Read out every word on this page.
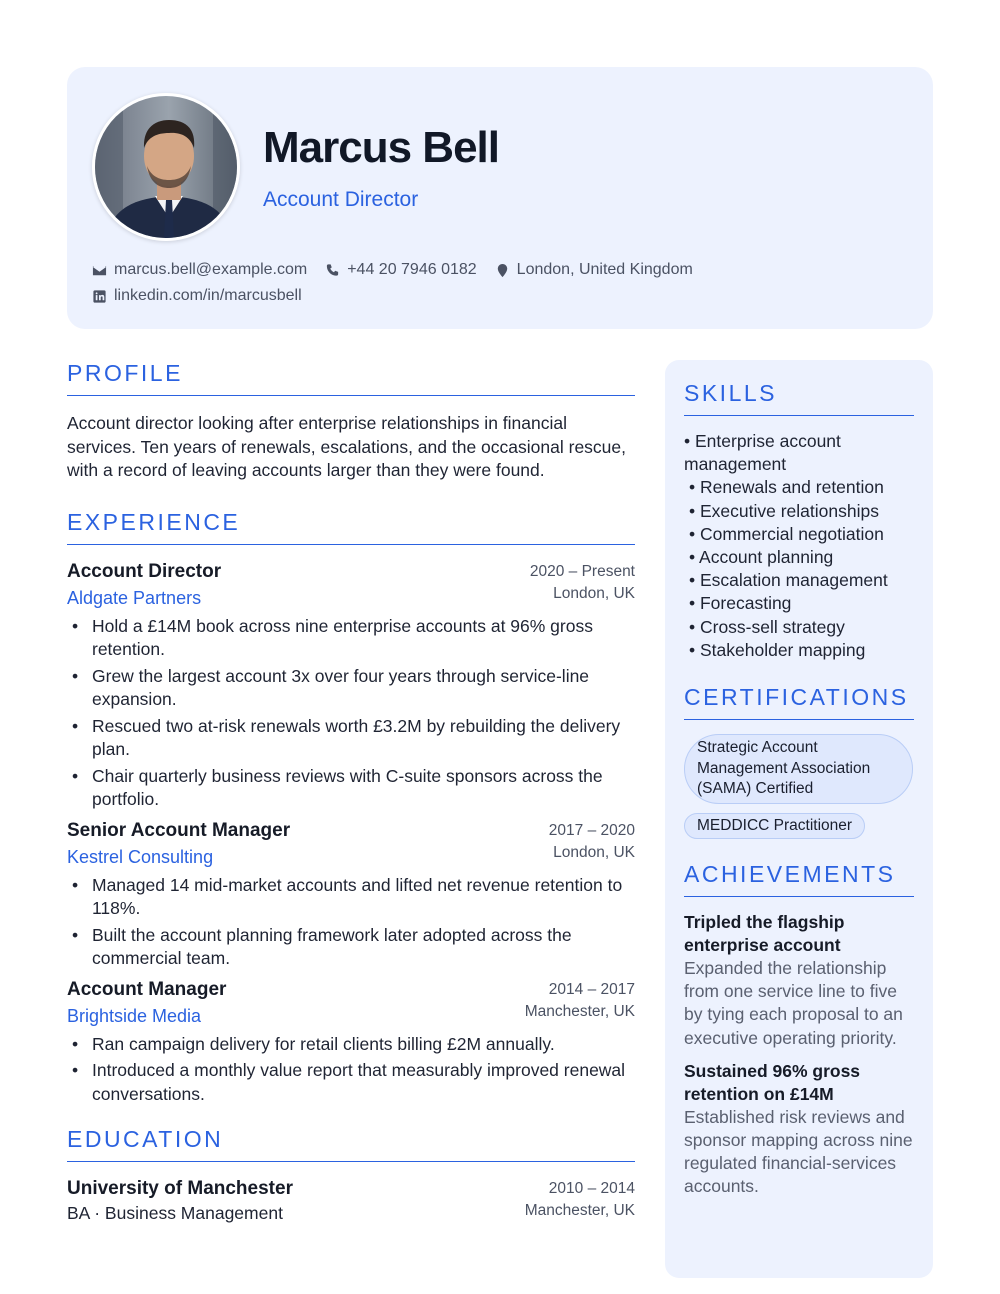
Marcus Bell
Account Director
marcus.bell@example.com	+44 20 7946 0182	London, United Kingdom
linkedin.com/in/marcusbell
PROFILE

Account director looking after enterprise relationships in financial services. Ten years of renewals, escalations, and the occasional rescue, with a record of leaving accounts larger than they were found.

EXPERIENCE
Account Director
Aldgate Partners
2020 – Present
London, UK
• Hold a £14M book across nine enterprise accounts at 96% gross retention.
• Grew the largest account 3x over four years through service-line expansion.
• Rescued two at-risk renewals worth £3.2M by rebuilding the delivery plan.
• Chair quarterly business reviews with C-suite sponsors across the portfolio.
Senior Account Manager
Kestrel Consulting
2017 – 2020
London, UK
• Managed 14 mid-market accounts and lifted net revenue retention to 118%.
• Built the account planning framework later adopted across the commercial team.
Account Manager
Brightside Media
2014 – 2017
Manchester, UK
• Ran campaign delivery for retail clients billing £2M annually.
• Introduced a monthly value report that measurably improved renewal conversations.
EDUCATION
University of Manchester
BA · Business Management
2010 – 2014
Manchester, UK
SKILLS
• Enterprise account management
• Renewals and retention
• Executive relationships
• Commercial negotiation
• Account planning
• Escalation management
• Forecasting
• Cross-sell strategy
• Stakeholder mapping
CERTIFICATIONS
Strategic Account Management Association (SAMA) Certified MEDDICC Practitioner
ACHIEVEMENTS
Tripled the flagship enterprise account
Expanded the relationship from one service line to five by tying each proposal to an executive operating priority.
Sustained 96% gross retention on £14M
Established risk reviews and sponsor mapping across nine regulated financial-services accounts.
